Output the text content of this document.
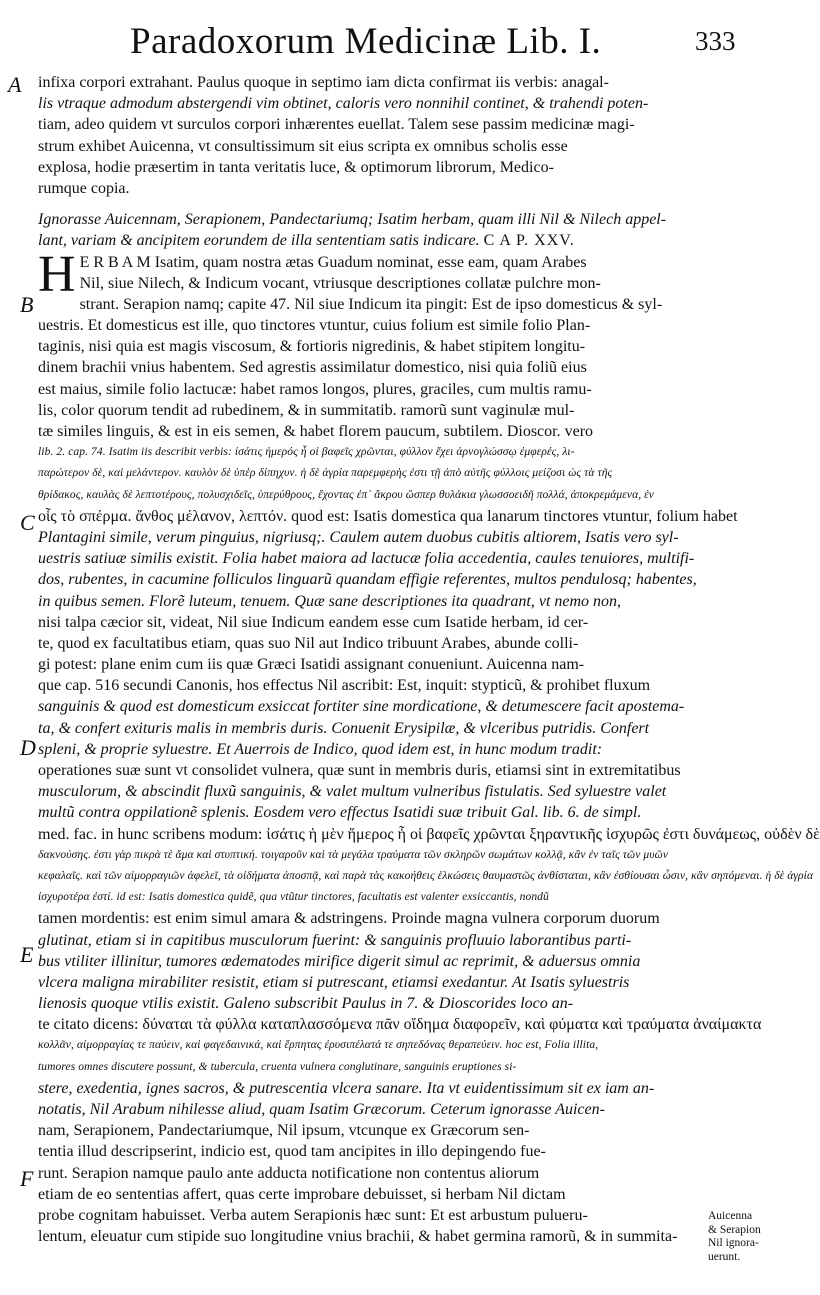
Paradoxorum Medicinæ Lib. I.	333
A
B
C
D
E
F
infixa corpori extrahant. Paulus quoque in septimo iam dicta confirmat iis verbis: anagal-
lis vtraque admodum abstergendi vim obtinet, caloris vero nonnihil continet, & trahendi poten-
tiam, adeo quidem vt surculos corpori inhærentes euellat. Talem sese passim medicinæ magi-
strum exhibet Auicenna, vt consultissimum sit eius scripta ex omnibus scholis esse
explosa, hodie præsertim in tanta veritatis luce, & optimorum librorum, Medico-
rumque copia.
Ignorasse Auicennam, Serapionem, Pandectariumq; Isatim herbam, quam illi Nil & Nilech appel-
lant, variam & ancipitem eorundem de illa sententiam satis indicare. C A P. XXV.
H E R B A M Isatim, quam nostra ætas Guadum nominat, esse eam, quam Arabes
Nil, siue Nilech, & Indicum vocant, vtriusque descriptiones collatæ pulchre mon-
strant. Serapion namq; capite 47. Nil siue Indicum ita pingit: Est de ipso domesticus & syl-
uestris. Et domesticus est ille, quo tinctores vtuntur, cuius folium est simile folio Plan-
taginis, nisi quia est magis viscosum, & fortioris nigredinis, & habet stipitem longitu-
dinem brachii vnius habentem. Sed agrestis assimilatur domestico, nisi quia foliũ eius
est maius, simile folio lactucæ: habet ramos longos, plures, graciles, cum multis ramu-
lis, color quorum tendit ad rubedinem, & in summitatib. ramorũ sunt vaginulæ mul-
tæ similes linguis, & est in eis semen, & habet florem paucum, subtilem. Dioscor. vero
lib. 2. cap. 74. Isatim iis describit verbis: ἰσάτις ἡμερός ἧ οἱ βαφεῖς χρῶνται, φύλλον ἔχει ἀρνογλώσσῳ ἐμφερές, λι-
παρώτερον δὲ, καὶ μελάντερον. καυλὸν δὲ ὑπὲρ δίπηχυν. ἡ δὲ ἀγρία παρεμφερὴς ἐστι τῇ ἀπὸ αὐτῆς φύλλοις μείζοσι ὡς τὰ τῆς
θρίδακος, καυλὰς δὲ λεπτοτέρους, πολυσχιδεῖς, ὑπερύθρους, ἔχοντας ἐπ᾽ ἄκρου ὥσπερ θυλάκια γλωσσοειδῆ πολλά, ἀποκρεμάμενα, ἐν
οἷς τὸ σπέρμα. ἄνθος μέλανον, λεπτόν. quod est: Isatis domestica qua lanarum tinctores vtuntur, folium habet
Plantagini simile, verum pinguius, nigriusq;. Caulem autem duobus cubitis altiorem, Isatis vero syl-
uestris satiuæ similis existit. Folia habet maiora ad lactucæ folia accedentia, caules tenuiores, multifi-
dos, rubentes, in cacumine folliculos linguarũ quandam effigie referentes, multos pendulosq; habentes,
in quibus semen. Florẽ luteum, tenuem. Quæ sane descriptiones ita quadrant, vt nemo non,
nisi talpa cæcior sit, videat, Nil siue Indicum eandem esse cum Isatide herbam, id cer-
te, quod ex facultatibus etiam, quas suo Nil aut Indico tribuunt Arabes, abunde colli-
gi potest: plane enim cum iis quæ Græci Isatidi assignant conueniunt. Auicenna nam-
que cap. 516 secundi Canonis, hos effectus Nil ascribit: Est, inquit: stypticũ, & prohibet fluxum
sanguinis & quod est domesticum exsiccat fortiter sine mordicatione, & detumescere facit apostema-
ta, & confert exituris malis in membris duris. Conuenit Erysipilæ, & vlceribus putridis. Confert
spleni, & proprie syluestre. Et Auerrois de Indico, quod idem est, in hunc modum tradit:
operationes suæ sunt vt consolidet vulnera, quæ sunt in membris duris, etiamsi sint in extremitatibus
musculorum, & abscindit fluxũ sanguinis, & valet multum vulneribus fistulatis. Sed syluestre valet
multũ contra oppilationẽ splenis. Eosdem vero effectus Isatidi suæ tribuit Gal. lib. 6. de simpl.
med. fac. in hunc scribens modum: ἰσάτις ἡ μὲν ἥμερος ἧ οἱ βαφεῖς χρῶνται ξηραντικῆς ἰσχυρῶς ἐστι δυνάμεως, οὐδὲν δὲ
δακνούσης. ἐστι γὰρ πικρὰ τὲ ἅμα καὶ στυπτική. τοιγαροῦν καὶ τὰ μεγάλα τραύματα τῶν σκληρῶν σωμάτων κολλᾷ, κἂν ἐν ταῖς τῶν μυῶν
κεφαλαῖς. καὶ τῶν αἱμορραγιῶν ἀφελεῖ, τὰ οἰδήματα ἀποσπᾷ, καὶ παρὰ τὰς κακοήθεις ἑλκώσεις θαυμαστῶς ἀνθίσταται, κἂν ἐσθίουσαι ὦσιν, κἂν σηπόμεναι. ἡ δὲ ἀγρία
ἰσχυροτέρα ἐστί. id est: Isatis domestica quidẽ, qua vtũtur tinctores, facultatis est valenter exsiccantis, nondũ
tamen mordentis: est enim simul amara & adstringens. Proinde magna vulnera corporum duorum
glutinat, etiam si in capitibus musculorum fuerint: & sanguinis profluuio laborantibus parti-
bus vtiliter illinitur, tumores œdematodes mirifice digerit simul ac reprimit, & aduersus omnia
vlcera maligna mirabiliter resistit, etiam si putrescant, etiamsi exedantur. At Isatis syluestris
lienosis quoque vtilis existit. Galeno subscribit Paulus in 7. & Dioscorides loco an-
te citato dicens: δύναται τὰ φύλλα καταπλασσόμενα πᾶν οἴδημα διαφορεῖν, καὶ φύματα καὶ τραύματα ἀναίμακτα
κολλᾶν, αἱμορραγίας τε παύειν, καὶ φαγεδαινικά, καὶ ἕρπητας ἐρυσιπέλατά τε σηπεδόνας θεραπεύειν. hoc est, Folia illita,
tumores omnes discutere possunt, & tubercula, cruenta vulnera conglutinare, sanguinis eruptiones si-
stere, exedentia, ignes sacros, & putrescentia vlcera sanare. Ita vt euidentissimum sit ex iam an-
notatis, Nil Arabum nihilesse aliud, quam Isatim Græcorum. Ceterum ignorasse Auicen-
nam, Serapionem, Pandectariumque, Nil ipsum, vtcunque ex Græcorum sen-
tentia illud descripserint, indicio est, quod tam ancipites in illo depingendo fue-
runt. Serapion namque paulo ante adducta notificatione non contentus aliorum
etiam de eo sententias affert, quas certe improbare debuisset, si herbam Nil dictam
probe cognitam habuisset. Verba autem Serapionis hæc sunt: Et est arbustum pulueru-
lentum, eleuatur cum stipide suo longitudine vnius brachii, & habet germina ramorũ, & in summita-
Auicenna
& Serapion
Nil ignora-
uerunt.
